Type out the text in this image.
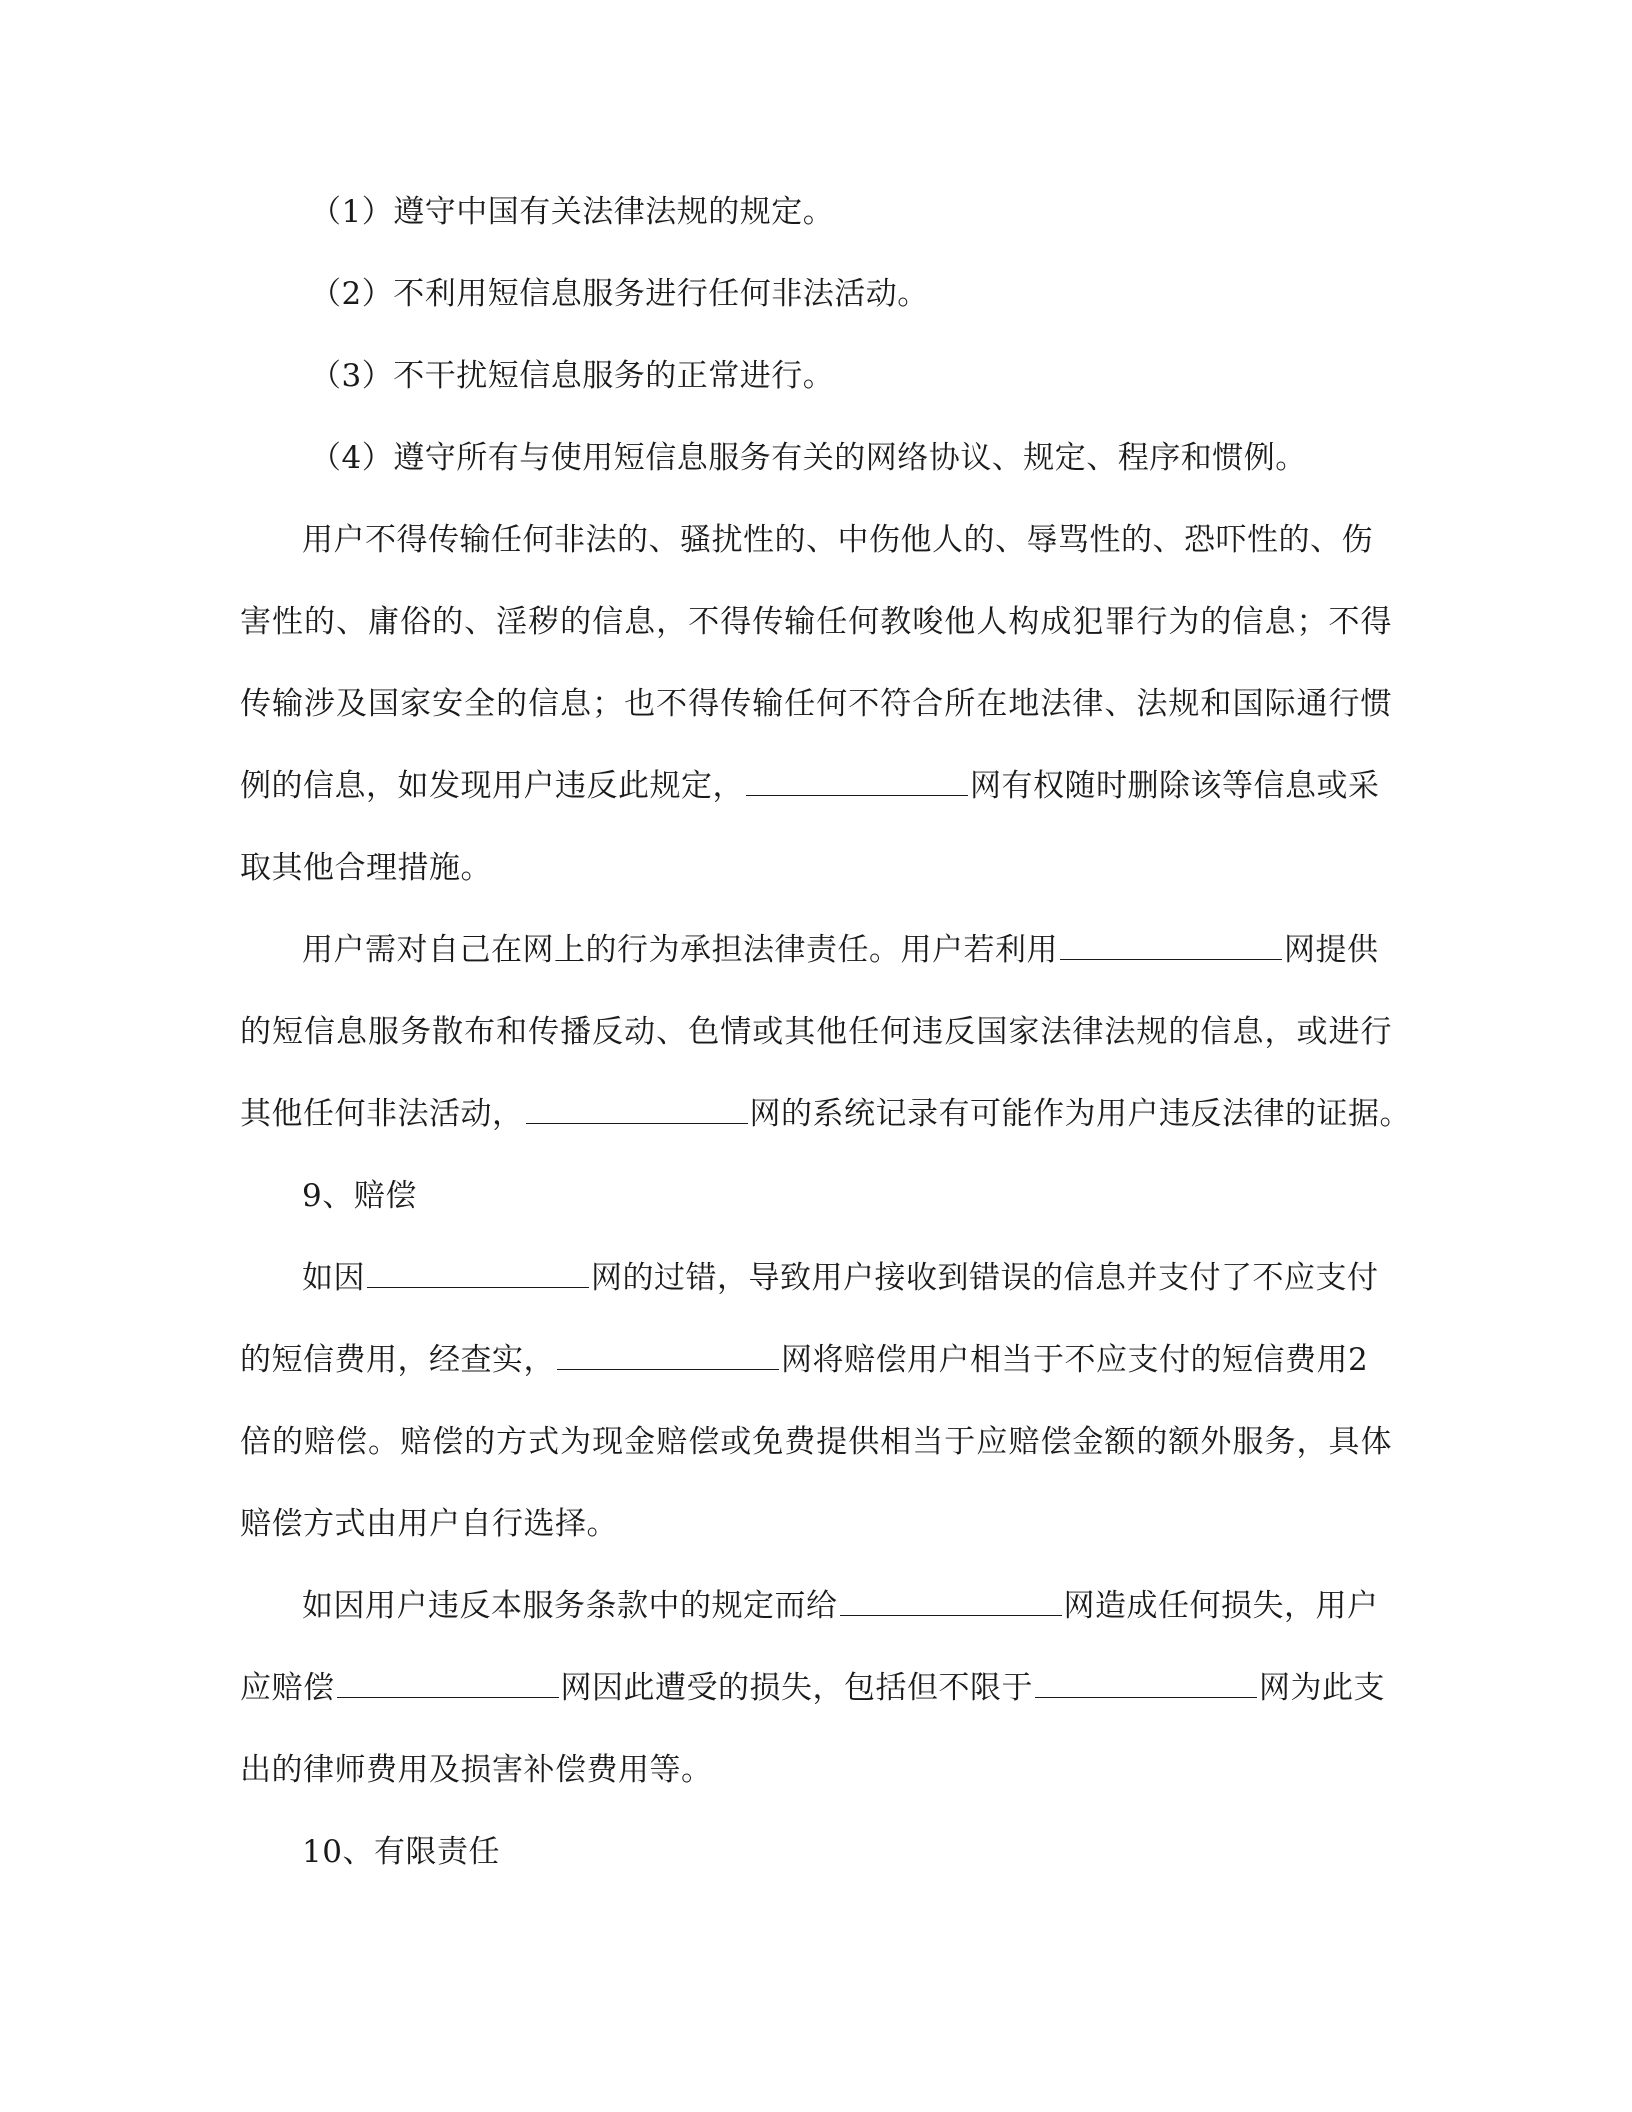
（1）遵守中国有关法律法规的规定。
（2）不利用短信息服务进行任何非法活动。
（3）不干扰短信息服务的正常进行。
（4）遵守所有与使用短信息服务有关的网络协议、规定、程序和惯例。
用户不得传输任何非法的、骚扰性的、中伤他人的、辱骂性的、恐吓性的、伤
害性的、庸俗的、淫秽的信息，不得传输任何教唆他人构成犯罪行为的信息；不得
传输涉及国家安全的信息；也不得传输任何不符合所在地法律、法规和国际通行惯
例的信息，如发现用户违反此规定，	网有权随时删除该等信息或采
取其他合理措施。
用户需对自己在网上的行为承担法律责任。用户若利用	网提供
的短信息服务散布和传播反动、色情或其他任何违反国家法律法规的信息，或进行
其他任何非法活动，	网的系统记录有可能作为用户违反法律的证据。
9、赔偿
如因	网的过错，导致用户接收到错误的信息并支付了不应支付
的短信费用，经查实，	网将赔偿用户相当于不应支付的短信费用2
倍的赔偿。赔偿的方式为现金赔偿或免费提供相当于应赔偿金额的额外服务，具体
赔偿方式由用户自行选择。
如因用户违反本服务条款中的规定而给	网造成任何损失，用户
应赔偿	网因此遭受的损失，包括但不限于	网为此支
出的律师费用及损害补偿费用等。
10、有限责任
